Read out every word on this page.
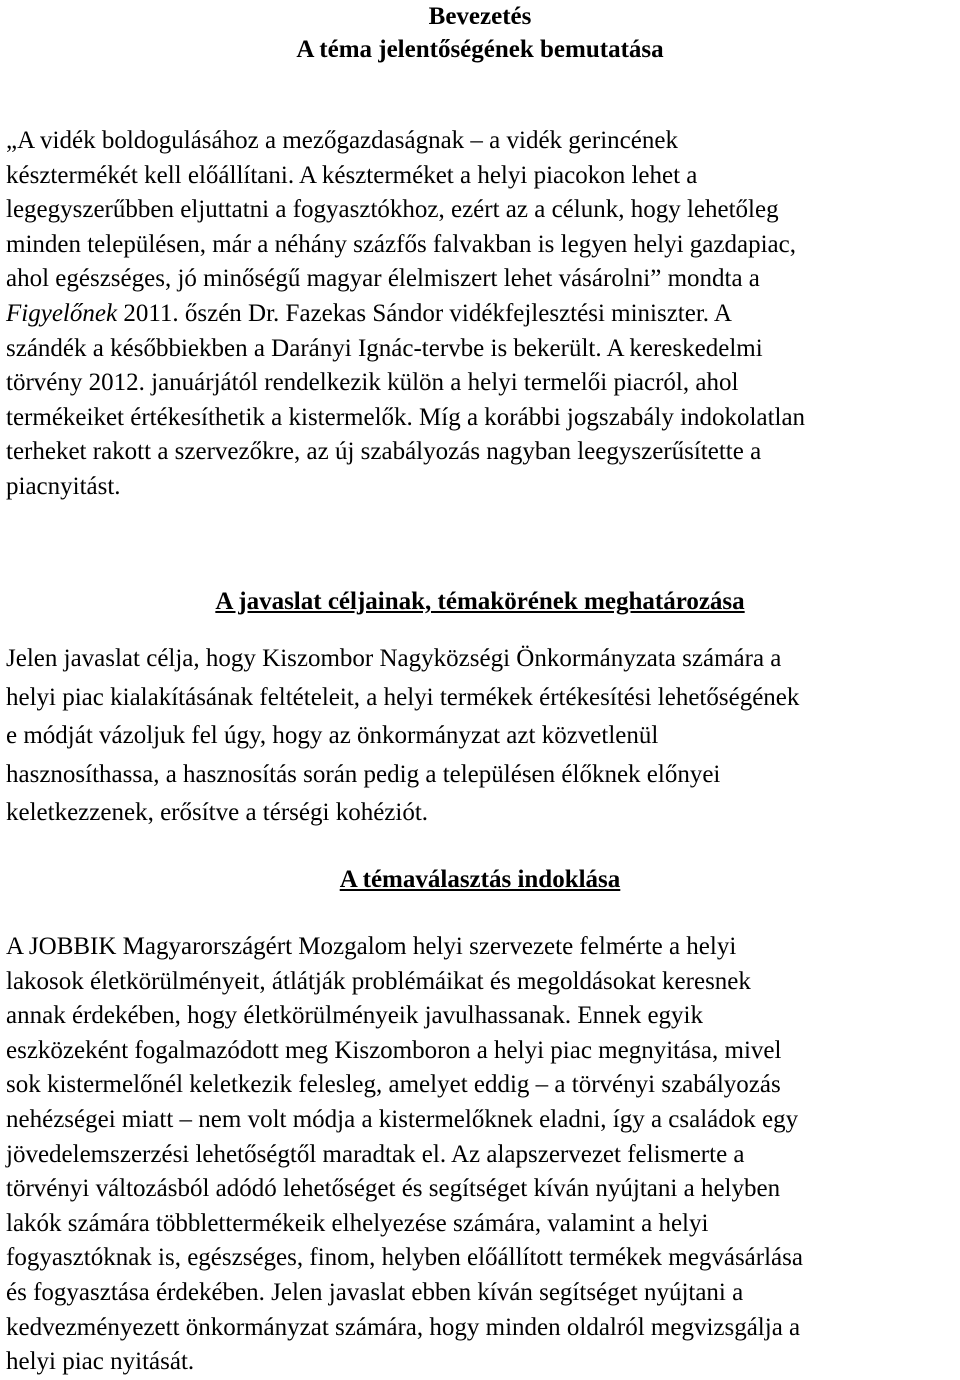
Bevezetés
A téma jelentőségének bemutatása
„A vidék boldogulásához a mezőgazdaságnak – a vidék gerincének
késztermékét kell előállítani. A készterméket a helyi piacokon lehet a
legegyszerűbben eljuttatni a fogyasztókhoz, ezért az a célunk, hogy lehetőleg
minden településen, már a néhány százfős falvakban is legyen helyi gazdapiac,
ahol egészséges, jó minőségű magyar élelmiszert lehet vásárolni” mondta a
Figyelőnek 2011. őszén Dr. Fazekas Sándor vidékfejlesztési miniszter. A
szándék a későbbiekben a Darányi Ignác-tervbe is bekerült. A kereskedelmi
törvény 2012. januárjától rendelkezik külön a helyi termelői piacról, ahol
termékeiket értékesíthetik a kistermelők. Míg a korábbi jogszabály indokolatlan
terheket rakott a szervezőkre, az új szabályozás nagyban leegyszerűsítette a
piacnyitást.
A javaslat céljainak, témakörének meghatározása
Jelen javaslat célja, hogy Kiszombor Nagyközségi Önkormányzata számára a
helyi piac kialakításának feltételeit, a helyi termékek értékesítési lehetőségének
e módját vázoljuk fel úgy, hogy az önkormányzat azt közvetlenül
hasznosíthassa, a hasznosítás során pedig a településen élőknek előnyei
keletkezzenek, erősítve a térségi kohéziót.
A témaválasztás indoklása
A JOBBIK Magyarországért Mozgalom helyi szervezete felmérte a helyi
lakosok életkörülményeit, átlátják problémáikat és megoldásokat keresnek
annak érdekében, hogy életkörülményeik javulhassanak. Ennek egyik
eszközeként fogalmazódott meg Kiszomboron a helyi piac megnyitása, mivel
sok kistermelőnél keletkezik felesleg, amelyet eddig – a törvényi szabályozás
nehézségei miatt – nem volt módja a kistermelőknek eladni, így a családok egy
jövedelemszerzési lehetőségtől maradtak el. Az alapszervezet felismerte a
törvényi változásból adódó lehetőséget és segítséget kíván nyújtani a helyben
lakók számára többlettermékeik elhelyezése számára, valamint a helyi
fogyasztóknak is, egészséges, finom, helyben előállított termékek megvásárlása
és fogyasztása érdekében. Jelen javaslat ebben kíván segítséget nyújtani a
kedvezményezett önkormányzat számára, hogy minden oldalról megvizsgálja a
helyi piac nyitását.
